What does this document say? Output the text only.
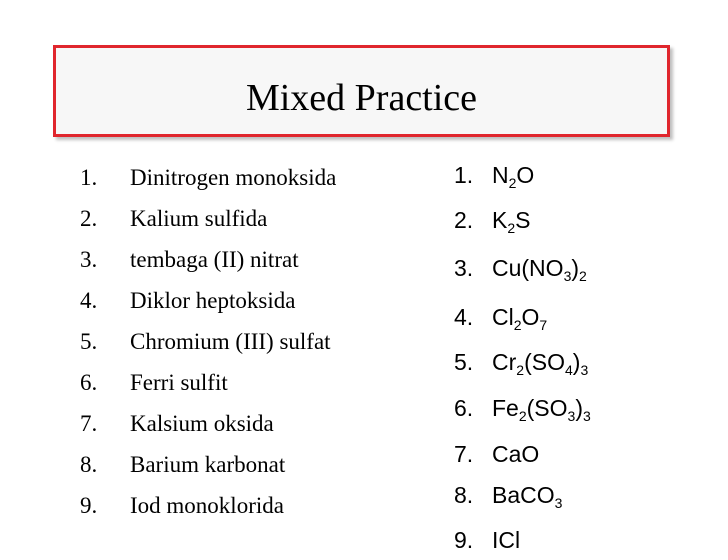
Mixed Practice
1. Dinitrogen monoksida
2. Kalium sulfida
3. tembaga (II) nitrat
4. Diklor heptoksida
5. Chromium (III) sulfat
6. Ferri sulfit
7. Kalsium oksida
8. Barium karbonat
9. Iod monoklorida
1. $N_2O$
2. $K_2S$
3. $Cu(NO_3)_2$
4. $Cl_2O_7$
5. $Cr_2(SO_4)_3$
6. $Fe_2(SO_3)_3$
7. CaO
8. BaCO$_3$
9. ICl
